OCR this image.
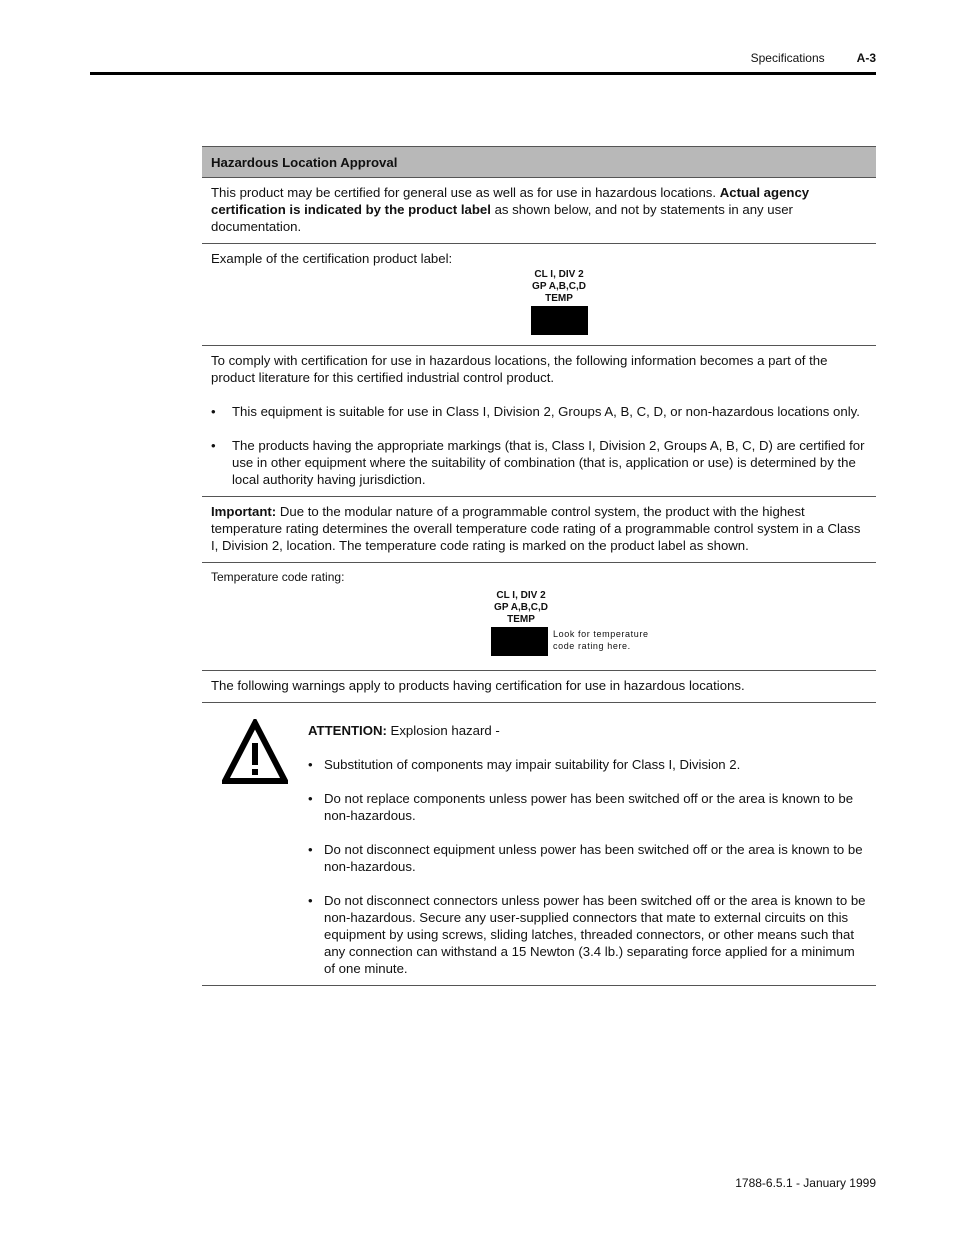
Specifications	A-3
Hazardous Location Approval

This product may be certified for general use as well as for use in hazardous locations. Actual agency certification is indicated by the product label as shown below, and not by statements in any user documentation.

Example of the certification product label:

CL I, DIV 2
GP A,B,C,D
TEMP

To comply with certification for use in hazardous locations, the following information becomes a part of the product literature for this certified industrial control product.

• This equipment is suitable for use in Class I, Division 2, Groups A, B, C, D, or non-hazardous locations only.
• The products having the appropriate markings (that is, Class I, Division 2, Groups A, B, C, D) are certified for use in other equipment where the suitability of combination (that is, application or use) is determined by the local authority having jurisdiction.

Important: Due to the modular nature of a programmable control system, the product with the highest temperature rating determines the overall temperature code rating of a programmable control system in a Class I, Division 2, location. The temperature code rating is marked on the product label as shown.

Temperature code rating:

CL I, DIV 2
GP A,B,C,D
TEMP
Look for temperature
code rating here.

The following warnings apply to products having certification for use in hazardous locations.

ATTENTION: Explosion hazard -

• Substitution of components may impair suitability for Class I, Division 2.
• Do not replace components unless power has been switched off or the area is known to be non-hazardous.
• Do not disconnect equipment unless power has been switched off or the area is known to be non-hazardous.
• Do not disconnect connectors unless power has been switched off or the area is known to be non-hazardous. Secure any user-supplied connectors that mate to external circuits on this equipment by using screws, sliding latches, threaded connectors, or other means such that any connection can withstand a 15 Newton (3.4 lb.) separating force applied for a minimum of one minute.
1788-6.5.1 - January 1999
